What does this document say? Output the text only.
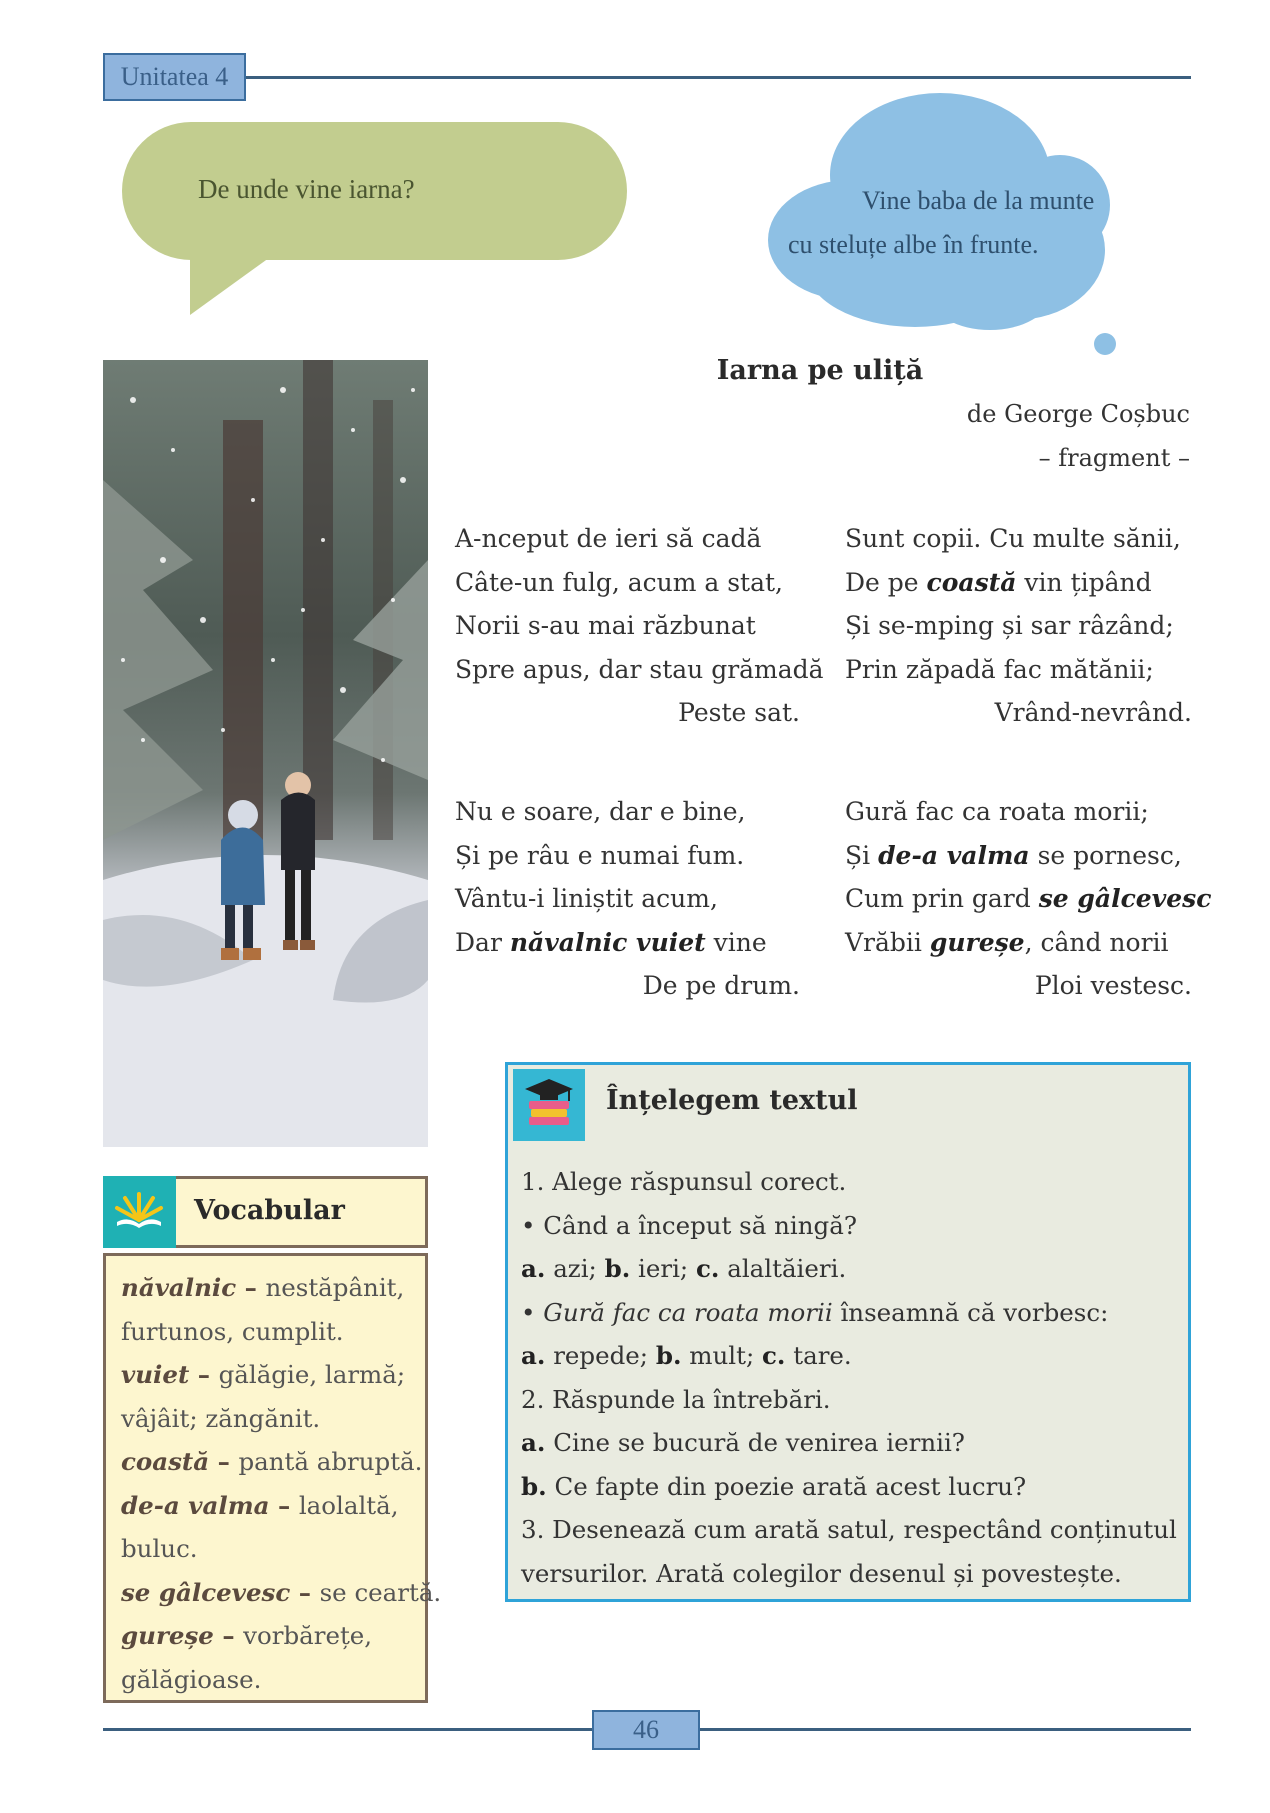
Unitatea 4
De unde vine iarna?	Vine baba de la munte
cu steluțe albe în frunte.
Iarna pe uliță
de George Coșbuc
– fragment –
A-nceput de ieri să cadă
Câte-un fulg, acum a stat,
Norii s-au mai răzbunat
Spre apus, dar stau grămadă
Peste sat.
Sunt copii. Cu multe sănii,
De pe coastă vin țipând
Și se-mping și sar râzând;
Prin zăpadă fac mătănii;
Vrând-nevrând.
Nu e soare, dar e bine,
Și pe râu e numai fum.
Vântu-i liniștit acum,
Dar năvalnic vuiet vine
De pe drum.
Gură fac ca roata morii;
Și de-a valma se pornesc,
Cum prin gard se gâlcevesc
Vrăbii gureșe, când norii
Ploi vestesc.
Vocabular
năvalnic – nestăpânit,
furtunos, cumplit.
vuiet – gălăgie, larmă;
vâjâit; zăngănit.
coastă – pantă abruptă.
de-a valma – laolaltă,
buluc.
se gâlcevesc – se ceartă.
gureșe – vorbărețe,
gălăgioase.
Înțelegem textul
1. Alege răspunsul corect.
• Când a început să ningă?
a. azi; b. ieri; c. alaltăieri.
• Gură fac ca roata morii înseamnă că vorbesc:
a. repede; b. mult; c. tare.
2. Răspunde la întrebări.
a. Cine se bucură de venirea iernii?
b. Ce fapte din poezie arată acest lucru?
3. Desenează cum arată satul, respectând conținutul
versurilor. Arată colegilor desenul și povestește.
46
